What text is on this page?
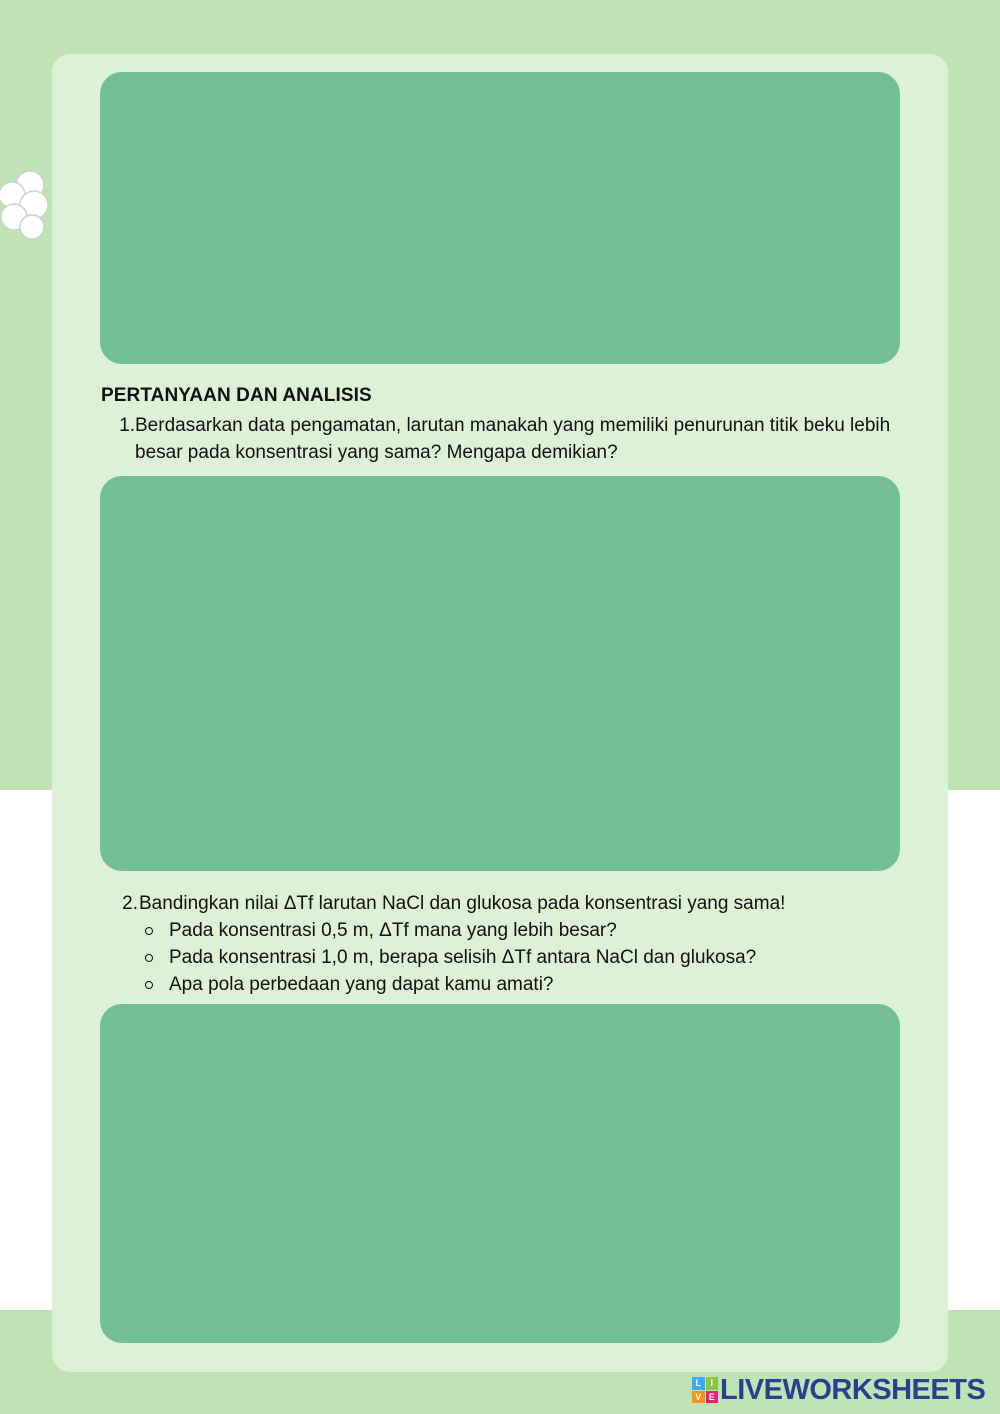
PERTANYAAN DAN ANALISIS
1. Berdasarkan data pengamatan, larutan manakah yang memiliki penurunan titik beku lebih besar pada konsentrasi yang sama? Mengapa demikian?
2. Bandingkan nilai ΔTf larutan NaCl dan glukosa pada konsentrasi yang sama!
Pada konsentrasi 0,5 m, ΔTf mana yang lebih besar?
Pada konsentrasi 1,0 m, berapa selisih ΔTf antara NaCl dan glukosa?
Apa pola perbedaan yang dapat kamu amati?
L	I
V E LIVEWORKSHEETS
